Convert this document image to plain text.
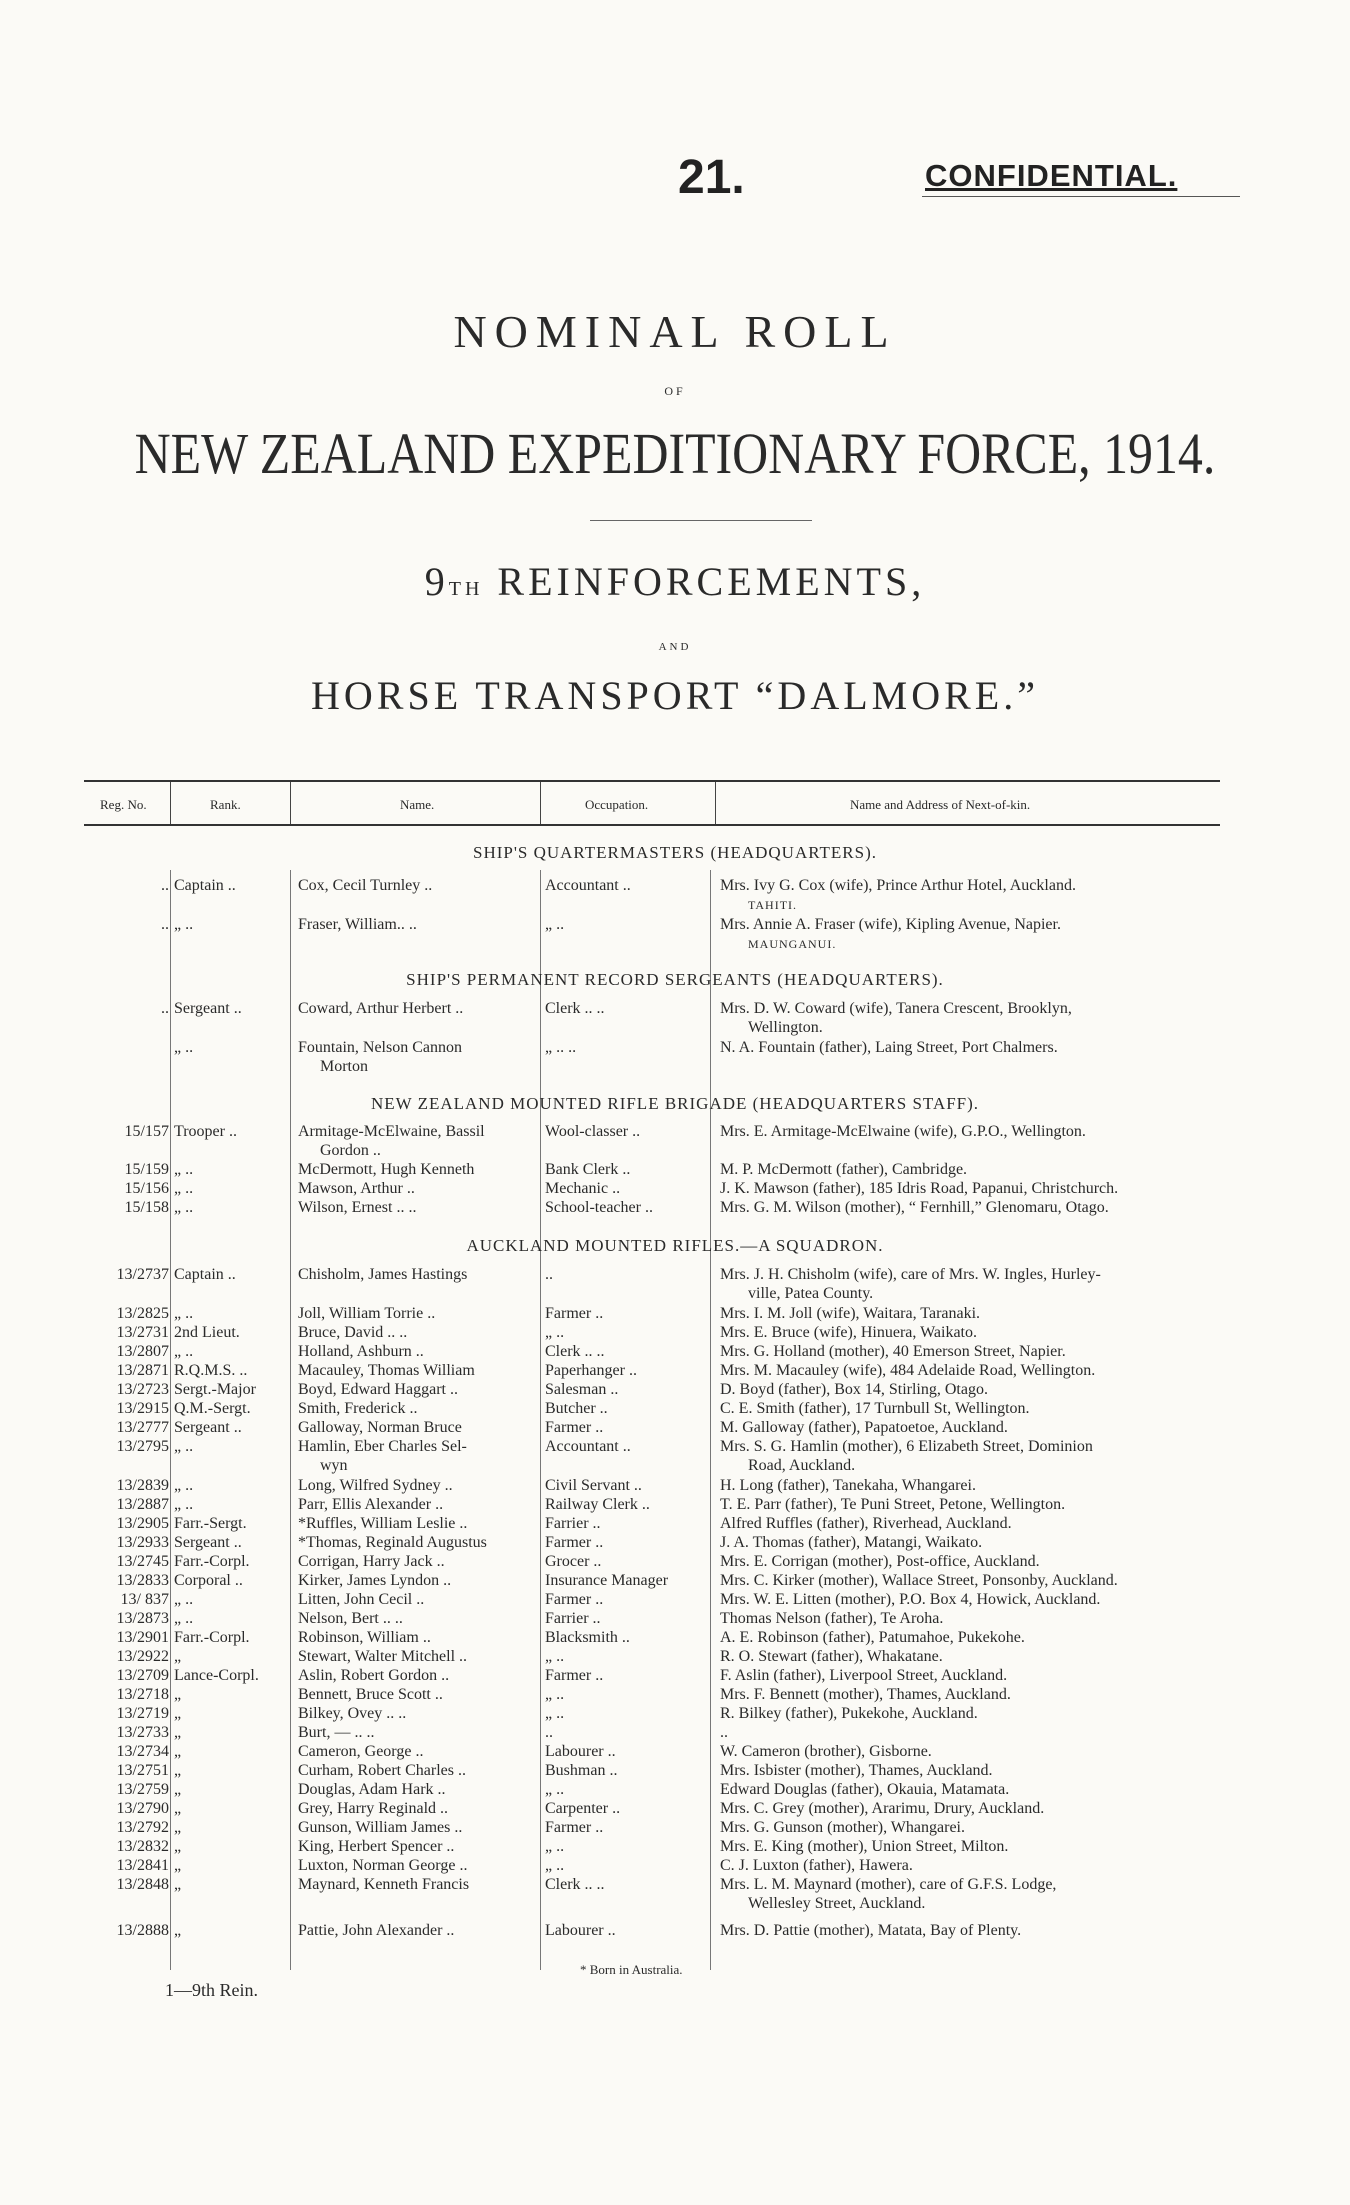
21.	CONFIDENTIAL.
NOMINAL ROLL
OF
NEW ZEALAND EXPEDITIONARY FORCE, 1914.
9TH REINFORCEMENTS,
AND
HORSE TRANSPORT “DALMORE.”
Reg. No.	Rank.	Name.	Occupation.	Name and Address of Next-of-kin.
SHIP'S QUARTERMASTERS (HEADQUARTERS).
.. Captain ..	Cox, Cecil Turnley ..	Accountant ..	Mrs. Ivy G. Cox (wife), Prince Arthur Hotel, Auckland.
TAHITI.
.. „ ..	Fraser, William.. ..	„ ..	Mrs. Annie A. Fraser (wife), Kipling Avenue, Napier.
MAUNGANUI.
SHIP'S PERMANENT RECORD SERGEANTS (HEADQUARTERS).
.. Sergeant ..	Coward, Arthur Herbert ..	Clerk .. ..	Mrs. D. W. Coward (wife), Tanera Crescent, Brooklyn,
Wellington.
„ ..	Fountain, Nelson Cannon	„ .. ..	N. A. Fountain (father), Laing Street, Port Chalmers.
Morton
NEW ZEALAND MOUNTED RIFLE BRIGADE (HEADQUARTERS STAFF).
15/157 Trooper ..	Armitage-McElwaine, Bassil	Wool-classer ..	Mrs. E. Armitage-McElwaine (wife), G.P.O., Wellington.
Gordon ..
15/159 „ ..	McDermott, Hugh Kenneth	Bank Clerk ..	M. P. McDermott (father), Cambridge.
15/156 „ ..	Mawson, Arthur ..	Mechanic ..	J. K. Mawson (father), 185 Idris Road, Papanui, Christchurch.
15/158 „ ..	Wilson, Ernest .. ..	School-teacher ..	Mrs. G. M. Wilson (mother), “ Fernhill,” Glenomaru, Otago.
AUCKLAND MOUNTED RIFLES.—A SQUADRON.
13/2737 Captain ..	Chisholm, James Hastings	..	Mrs. J. H. Chisholm (wife), care of Mrs. W. Ingles, Hurley-
ville, Patea County.
13/2825 „ ..	Joll, William Torrie ..	Farmer ..	Mrs. I. M. Joll (wife), Waitara, Taranaki.
13/2731 2nd Lieut.	Bruce, David .. ..	„ ..	Mrs. E. Bruce (wife), Hinuera, Waikato.
13/2807 „ ..	Holland, Ashburn ..	Clerk .. ..	Mrs. G. Holland (mother), 40 Emerson Street, Napier.
13/2871 R.Q.M.S. ..	Macauley, Thomas William	Paperhanger ..	Mrs. M. Macauley (wife), 484 Adelaide Road, Wellington.
13/2723 Sergt.-Major	Boyd, Edward Haggart ..	Salesman ..	D. Boyd (father), Box 14, Stirling, Otago.
13/2915 Q.M.-Sergt.	Smith, Frederick ..	Butcher ..	C. E. Smith (father), 17 Turnbull St, Wellington.
13/2777 Sergeant ..	Galloway, Norman Bruce	Farmer ..	M. Galloway (father), Papatoetoe, Auckland.
13/2795 „ ..	Hamlin, Eber Charles Sel-	Accountant ..	Mrs. S. G. Hamlin (mother), 6 Elizabeth Street, Dominion
wyn	Road, Auckland.
13/2839 „ ..	Long, Wilfred Sydney ..	Civil Servant ..	H. Long (father), Tanekaha, Whangarei.
13/2887 „ ..	Parr, Ellis Alexander ..	Railway Clerk ..	T. E. Parr (father), Te Puni Street, Petone, Wellington.
13/2905 Farr.-Sergt.	*Ruffles, William Leslie ..	Farrier ..	Alfred Ruffles (father), Riverhead, Auckland.
13/2933 Sergeant ..	*Thomas, Reginald Augustus	Farmer ..	J. A. Thomas (father), Matangi, Waikato.
13/2745 Farr.-Corpl.	Corrigan, Harry Jack ..	Grocer ..	Mrs. E. Corrigan (mother), Post-office, Auckland.
13/2833 Corporal ..	Kirker, James Lyndon ..	Insurance Manager	Mrs. C. Kirker (mother), Wallace Street, Ponsonby, Auckland.
13/ 837 „ ..	Litten, John Cecil ..	Farmer ..	Mrs. W. E. Litten (mother), P.O. Box 4, Howick, Auckland.
13/2873 „ ..	Nelson, Bert .. ..	Farrier ..	Thomas Nelson (father), Te Aroha.
13/2901 Farr.-Corpl.	Robinson, William ..	Blacksmith ..	A. E. Robinson (father), Patumahoe, Pukekohe.
13/2922 „	Stewart, Walter Mitchell ..	„ ..	R. O. Stewart (father), Whakatane.
13/2709 Lance-Corpl.	Aslin, Robert Gordon ..	Farmer ..	F. Aslin (father), Liverpool Street, Auckland.
13/2718 „	Bennett, Bruce Scott ..	„ ..	Mrs. F. Bennett (mother), Thames, Auckland.
13/2719 „	Bilkey, Ovey .. ..	„ ..	R. Bilkey (father), Pukekohe, Auckland.
13/2733 „	Burt, — .. ..	..	..
13/2734 „	Cameron, George ..	Labourer ..	W. Cameron (brother), Gisborne.
13/2751 „	Curham, Robert Charles ..	Bushman ..	Mrs. Isbister (mother), Thames, Auckland.
13/2759 „	Douglas, Adam Hark ..	„ ..	Edward Douglas (father), Okauia, Matamata.
13/2790 „	Grey, Harry Reginald ..	Carpenter ..	Mrs. C. Grey (mother), Ararimu, Drury, Auckland.
13/2792 „	Gunson, William James ..	Farmer ..	Mrs. G. Gunson (mother), Whangarei.
13/2832 „	King, Herbert Spencer ..	„ ..	Mrs. E. King (mother), Union Street, Milton.
13/2841 „	Luxton, Norman George ..	„ ..	C. J. Luxton (father), Hawera.
13/2848 „	Maynard, Kenneth Francis	Clerk .. ..	Mrs. L. M. Maynard (mother), care of G.F.S. Lodge,
Wellesley Street, Auckland.
13/2888 „	Pattie, John Alexander ..	Labourer ..	Mrs. D. Pattie (mother), Matata, Bay of Plenty.
* Born in Australia.
1—9th Rein.
